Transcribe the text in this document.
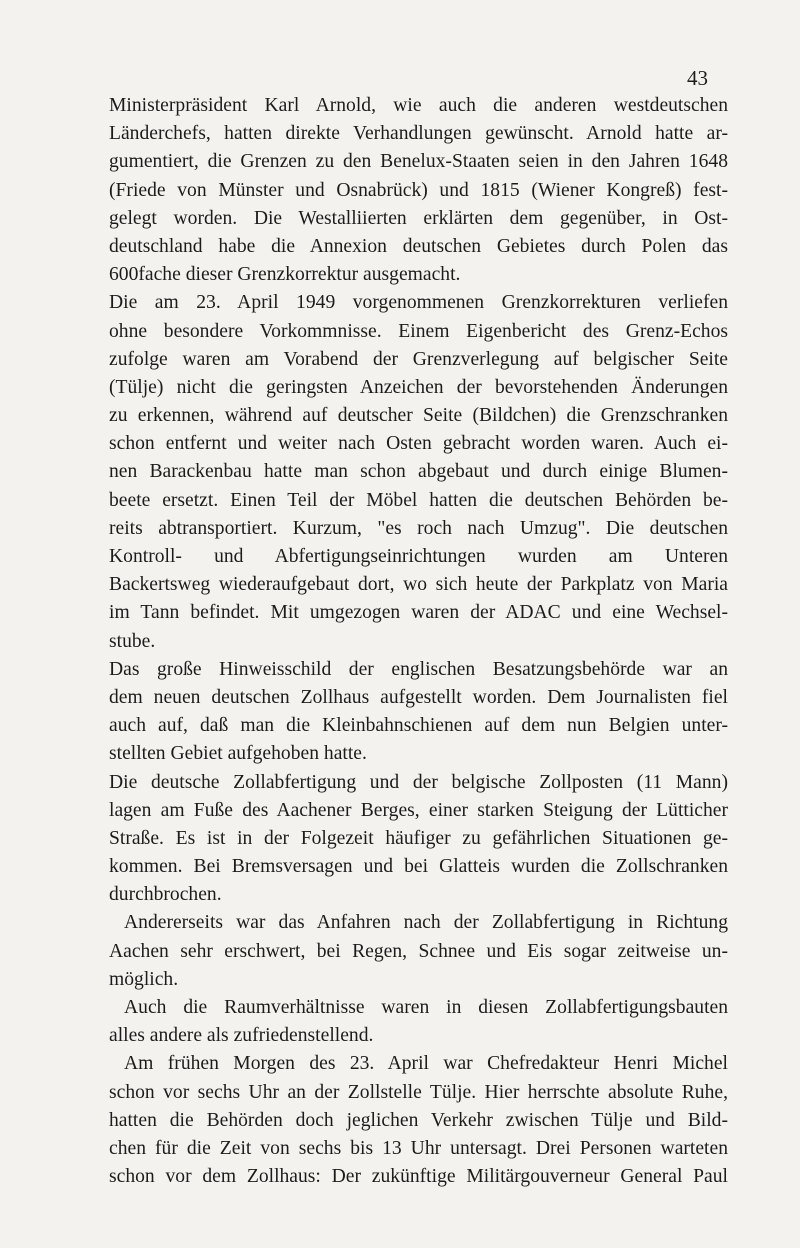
43
Ministerpräsident Karl Arnold, wie auch die anderen westdeutschen
Länderchefs, hatten direkte Verhandlungen gewünscht. Arnold hatte ar-
gumentiert, die Grenzen zu den Benelux-Staaten seien in den Jahren 1648
(Friede von Münster und Osnabrück) und 1815 (Wiener Kongreß) fest-
gelegt worden. Die Westalliierten erklärten dem gegenüber, in Ost-
deutschland habe die Annexion deutschen Gebietes durch Polen das
600fache dieser Grenzkorrektur ausgemacht.
Die am 23. April 1949 vorgenommenen Grenzkorrekturen verliefen
ohne besondere Vorkommnisse. Einem Eigenbericht des Grenz-Echos
zufolge waren am Vorabend der Grenzverlegung auf belgischer Seite
(Tülje) nicht die geringsten Anzeichen der bevorstehenden Änderungen
zu erkennen, während auf deutscher Seite (Bildchen) die Grenzschranken
schon entfernt und weiter nach Osten gebracht worden waren. Auch ei-
nen Barackenbau hatte man schon abgebaut und durch einige Blumen-
beete ersetzt. Einen Teil der Möbel hatten die deutschen Behörden be-
reits abtransportiert. Kurzum, "es roch nach Umzug". Die deutschen
Kontroll- und Abfertigungseinrichtungen wurden am Unteren
Backertsweg wiederaufgebaut dort, wo sich heute der Parkplatz von Maria
im Tann befindet. Mit umgezogen waren der ADAC und eine Wechsel-
stube.
Das große Hinweisschild der englischen Besatzungsbehörde war an
dem neuen deutschen Zollhaus aufgestellt worden. Dem Journalisten fiel
auch auf, daß man die Kleinbahnschienen auf dem nun Belgien unter-
stellten Gebiet aufgehoben hatte.
Die deutsche Zollabfertigung und der belgische Zollposten (11 Mann)
lagen am Fuße des Aachener Berges, einer starken Steigung der Lütticher
Straße. Es ist in der Folgezeit häufiger zu gefährlichen Situationen ge-
kommen. Bei Bremsversagen und bei Glatteis wurden die Zollschranken
durchbrochen.
Andererseits war das Anfahren nach der Zollabfertigung in Richtung
Aachen sehr erschwert, bei Regen, Schnee und Eis sogar zeitweise un-
möglich.
Auch die Raumverhältnisse waren in diesen Zollabfertigungsbauten
alles andere als zufriedenstellend.
Am frühen Morgen des 23. April war Chefredakteur Henri Michel
schon vor sechs Uhr an der Zollstelle Tülje. Hier herrschte absolute Ruhe,
hatten die Behörden doch jeglichen Verkehr zwischen Tülje und Bild-
chen für die Zeit von sechs bis 13 Uhr untersagt. Drei Personen warteten
schon vor dem Zollhaus: Der zukünftige Militärgouverneur General Paul
